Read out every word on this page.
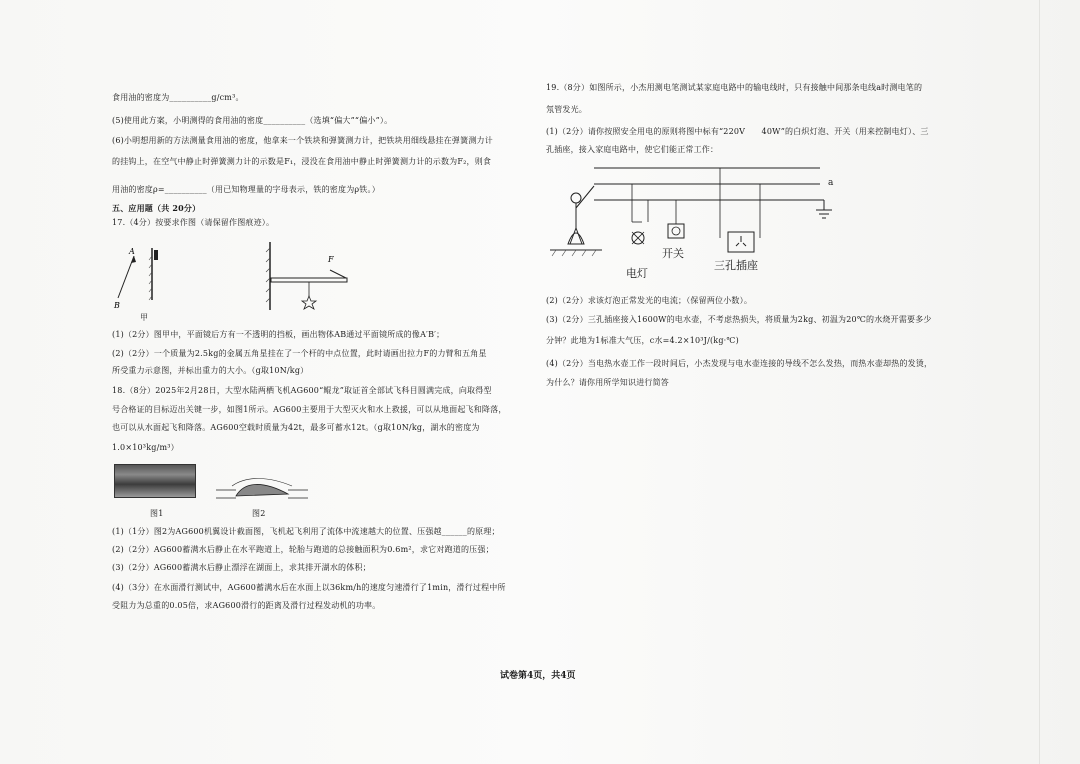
食用油的密度为__________g/cm³。
(5)使用此方案，小明测得的食用油的密度__________（选填“偏大”“偏小”）。
(6)小明想用新的方法测量食用油的密度，他拿来一个铁块和弹簧测力计，把铁块用细线悬挂在弹簧测力计
的挂钩上，在空气中静止时弹簧测力计的示数是F₁，浸没在食用油中静止时弹簧测力计的示数为F₂，则食
用油的密度ρ=__________（用已知物理量的字母表示，铁的密度为ρ铁。）
五、应用题（共 20分）
17.（4分）按要求作图（请保留作图痕迹）。
A
B
F
甲
(1)（2分）图甲中，平面镜后方有一不透明的挡板，画出物体AB通过平面镜所成的像A′B′；
(2)（2分）一个质量为2.5kg的金属五角星挂在了一个杆的中点位置，此时请画出拉力F的力臂和五角星
所受重力示意图，并标出重力的大小。（g取10N/kg）
18.（8分）2025年2月28日，大型水陆两栖飞机AG600“鲲龙”取证首全部试飞科目圆满完成，向取得型
号合格证的目标迈出关键一步，如图1所示。AG600主要用于大型灭火和水上救援，可以从地面起飞和降落，
也可以从水面起飞和降落。AG600空载时质量为42t，最多可蓄水12t。（g取10N/kg，湖水的密度为
1.0×10³kg/m³）
图1	图2
(1)（1分）图2为AG600机翼设计截面图，飞机起飞利用了流体中流速越大的位置、压强越______的原理；
(2)（2分）AG600蓄满水后静止在水平跑道上，轮胎与跑道的总接触面积为0.6m²，求它对跑道的压强；
(3)（2分）AG600蓄满水后静止漂浮在湖面上，求其排开湖水的体积；
(4)（3分）在水面滑行测试中，AG600蓄满水后在水面上以36km/h的速度匀速滑行了1min，滑行过程中所
受阻力为总重的0.05倍，求AG600滑行的距离及滑行过程发动机的功率。
19.（8分）如图所示，小杰用测电笔测试某家庭电路中的输电线时，只有接触中间那条电线a时测电笔的
氖管发光。
(1)（2分）请你按照安全用电的原则将图中标有“220V　　40W”的白炽灯泡、开关（用来控制电灯）、三
孔插座，接入家庭电路中，使它们能正常工作：
a
开关
三孔插座
电灯
(2)（2分）求该灯泡正常发光的电流；（保留两位小数）。
(3)（2分）三孔插座接入1600W的电水壶，不考虑热损失，将质量为2kg、初温为20℃的水烧开需要多少
分钟？此地为1标准大气压，c水=4.2×10³J/(kg·℃)
(4)（2分）当电热水壶工作一段时间后，小杰发现与电水壶连接的导线不怎么发热，而热水壶却热的发烫，
为什么？请你用所学知识进行简答
试卷第4页，共4页
